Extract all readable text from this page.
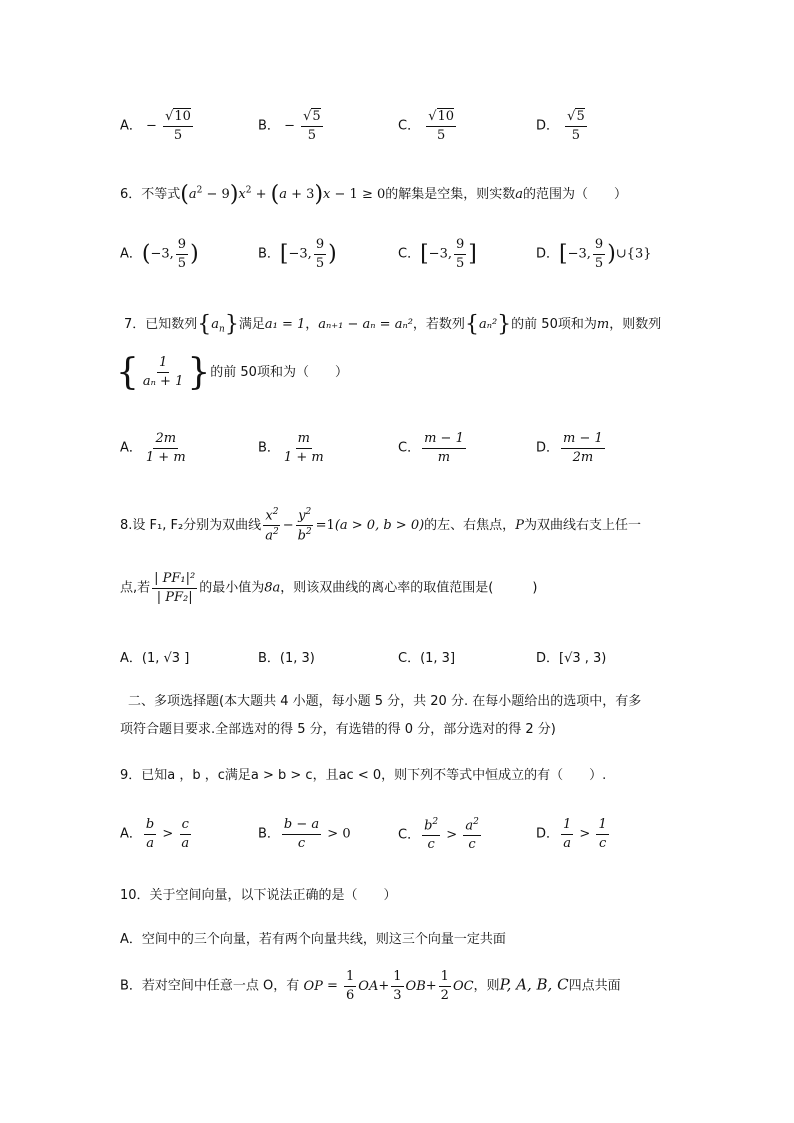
A． − $\frac{√10}{5}$	B． − $\frac{√5}{5}$	C． $\frac{√10}{5}$	D． $\frac{√5}{5}$
6．不等式$(a^2 - 9)x^2 + (a + 3)x - 1 \ge 0$的解集是空集，则实数a的范围为（　　）
A．(−3, $\frac{9}{5}$ )	B．[−3, $\frac{9}{5}$ )	C．[−3, $\frac{9}{5}$ ]	D．[−3, $\frac{9}{5}$ )∪{3}
7．已知数列$\{a_n\}$满足a₁ = 1，aₙ₊₁ − aₙ = aₙ²，若数列{aₙ²}的前 50项和为m，则数列
{ $\frac{1}{\text{aₙ + 1}}$ }的前 50项和为（　　）
A． $\frac{2m}{1 + m}$	B． $\frac{m}{1 + m}$	C． $\frac{m - 1}{m}$	D． $\frac{m - 1}{2m}$
8.设 F₁, F₂分别为双曲线 $\frac{x^2}{a^2} - \frac{y^2}{b^2} =1(a > 0$, b > 0)的左、右焦点，P为双曲线右支上任一
点,若 $\frac{\text{| PF₁|²}}{\text{| PF₂|}}$ 的最小值为8a，则该双曲线的离心率的取值范围是(　　　)
A．(1, √3 ]	B．(1, 3)	C．(1, 3]	D．[√3 , 3)
二、多项选择题(本大题共 4 小题，每小题 5 分，共 20 分. 在每小题给出的选项中，有多
项符合题目要求.全部选对的得 5 分，有选错的得 0 分，部分选对的得 2 分)
9．已知a ，b ，c满足a > b > c，且ac < 0，则下列不等式中恒成立的有（　　）.
A． $\frac{b}{a} > \frac{c}{a}$	B． $\frac{b - a}{c} > 0$	C． $\frac{b^2}{c} > \frac{a^2}{c}$	D． $\frac{1}{a} > \frac{1}{c}$
10．关于空间向量，以下说法正确的是（　　）
A．空间中的三个向量，若有两个向量共线，则这三个向量一定共面
B．若对空间中任意一点 O，有 OP = $\frac{1}{6} OA+ \frac{1}{3} OB+ \frac{1}{2}$ OC，则P, A, B, C四点共面
